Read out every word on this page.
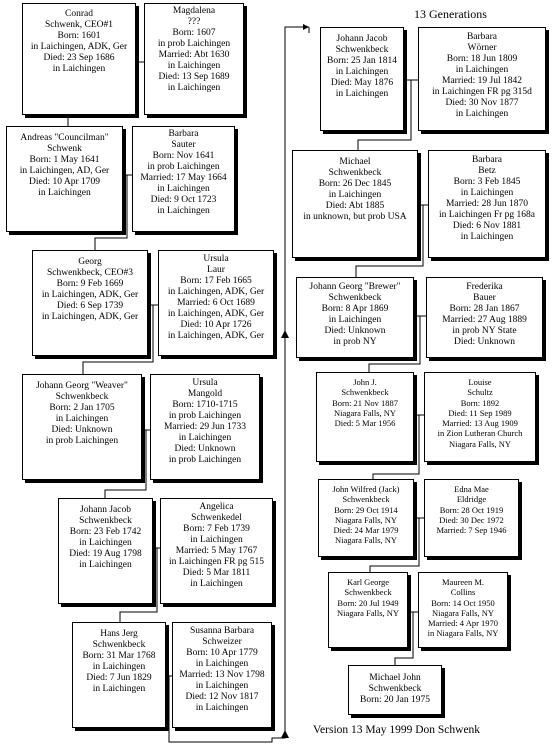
13 Generations
Conrad
Schwenk, CEO#1
Born: 1601
in Laichingen, ADK, Ger
Died: 23 Sep 1686
in Laichingen
Magdalena
???
Born: 1607
in prob Laichingen
Married: Abt 1630
in Laichingen
Died: 13 Sep 1689
in Laichingen
Andreas "Councilman"
Schwenk
Born: 1 May 1641
in Laichingen, AD, Ger
Died: 10 Apr 1709
in Laichingen
Barbara
Sauter
Born: Nov 1641
in prob Laichingen
Married: 17 May 1664
in Laichingen
Died: 9 Oct 1723
in Laichingen
Georg
Schwenkbeck, CEO#3
Born: 9 Feb 1669
in Laichingen, ADK, Ger
Died: 6 Sep 1739
in Laichingen, ADK, Ger
Ursula
Laur
Born: 17 Feb 1665
in Laichingen, ADK, Ger
Married: 6 Oct 1689
in Laichingen, ADK, Ger
Died: 10 Apr 1726
in Laichingen, ADK, Ger
Johann Georg "Weaver"
Schwenkbeck
Born: 2 Jan 1705
in Laichingen
Died: Unknown
in prob Laichingen
Ursula
Mangold
Born: 1710-1715
in prob Laichingen
Married: 29 Jun 1733
in Laichingen
Died: Unknown
in prob Laichingen
Johann Jacob
Schwenkbeck
Born: 23 Feb 1742
in Laichingen
Died: 19 Aug 1798
in Laichingen
Angelica
Schwenkedel
Born: 7 Feb 1739
in Laichingen
Married: 5 May 1767
in Laichingen FR pg 515
Died: 5 Mar 1811
in Laichingen
Hans Jerg
Schwenkbeck
Born: 31 Mar 1768
in Laichingen
Died: 7 Jun 1829
in Laichingen
Susanna Barbara
Schweizer
Born: 10 Apr 1779
in Laichingen
Married: 13 Nov 1798
in Laichingen
Died: 12 Nov 1817
in Laichingen
Johann Jacob
Schwenkbeck
Born: 25 Jan 1814
in Laichingen
Died: May 1876
in Laichingen
Barbara
Wörner
Born: 18 Jun 1809
in Laichingen
Married: 19 Jul 1842
in Laichingen FR pg 315d
Died: 30 Nov 1877
in Laichingen
Michael
Schwenkbeck
Born: 26 Dec 1845
in Laichingen
Died: Abt 1885
in unknown, but prob USA
Barbara
Betz
Born: 3 Feb 1845
in Laichingen
Married: 28 Jun 1870
in Laichingen Fr pg 168a
Died: 6 Nov 1881
in Laichingen
Johann Georg "Brewer"
Schwenkbeck
Born: 8 Apr 1869
in Laichingen
Died: Unknown
in prob NY
Frederika
Bauer
Born: 28 Jan 1867
Married: 27 Aug 1889
in prob NY State
Died: Unknown
John J.
Schwenkbeck
Born: 21 Nov 1887
Niagara Falls, NY
Died: 5 Mar 1956
Louise
Schultz
Born: 1892
Died: 11 Sep 1989
Married: 13 Aug 1909
in Zion Lutheran Church
Niagara Falls, NY
John Wilfred (Jack)
Schwenkbeck
Born: 29 Oct 1914
Niagara Falls, NY
Died: 24 Mar 1979
Niagara Falls, NY
Edna Mae
Eldridge
Born: 28 Oct 1919
Died: 30 Dec 1972
Married: 7 Sep 1946
Karl George
Schwenkbeck
Born: 20 Jul 1949
Niagara Falls, NY
Maureen M.
Collins
Born: 14 Oct 1950
Niagara Falls, NY
Married: 4 Apr 1970
in Niagara Falls, NY
Michael John
Schwenkbeck
Born: 20 Jan 1975
Version 13 May 1999 Don Schwenk
